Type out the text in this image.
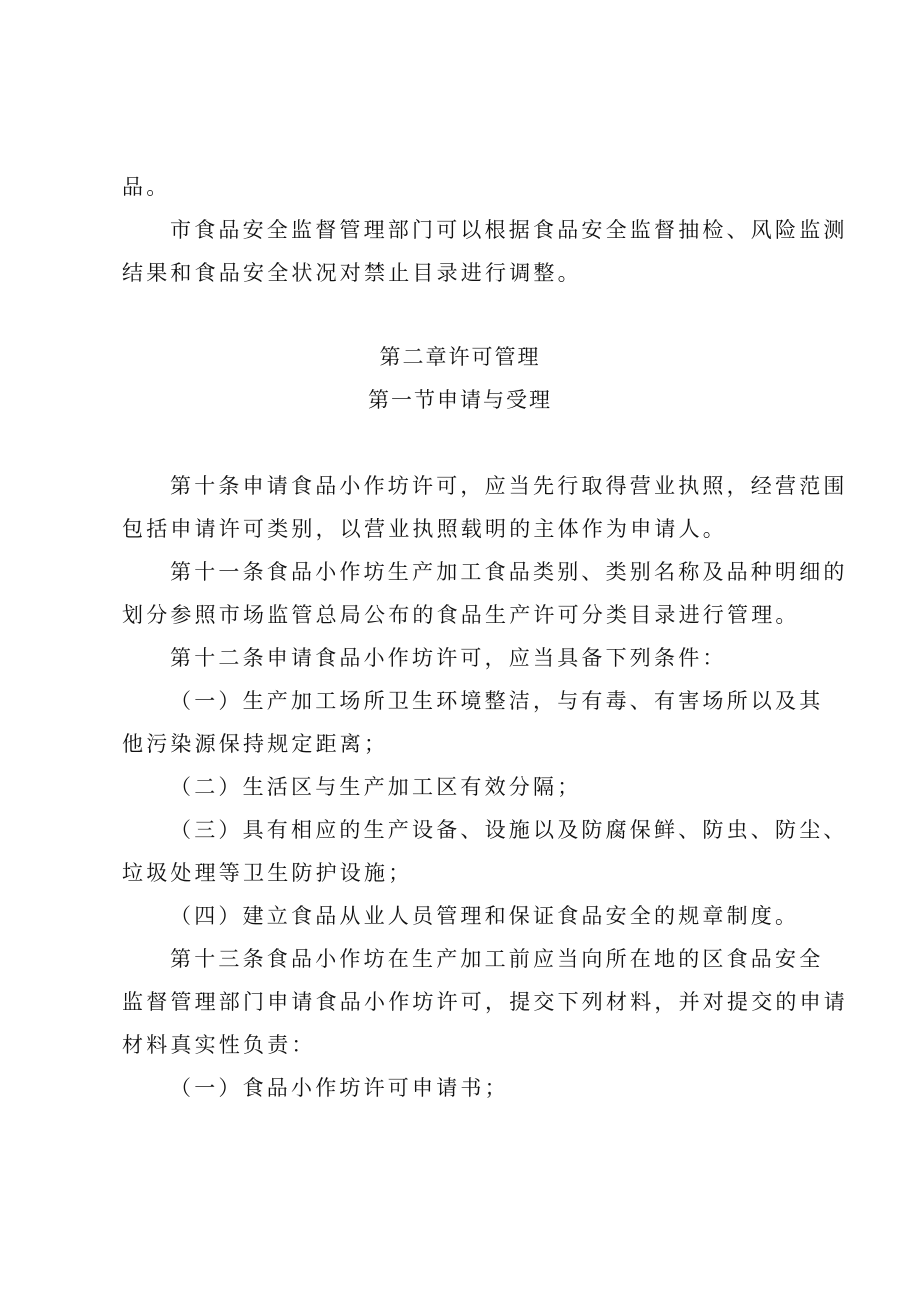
品。
市食品安全监督管理部门可以根据食品安全监督抽检、风险监测
结果和食品安全状况对禁止目录进行调整。
第二章许可管理
第一节申请与受理
第十条申请食品小作坊许可，应当先行取得营业执照，经营范围
包括申请许可类别，以营业执照载明的主体作为申请人。
第十一条食品小作坊生产加工食品类别、类别名称及品种明细的
划分参照市场监管总局公布的食品生产许可分类目录进行管理。
第十二条申请食品小作坊许可，应当具备下列条件：
（一）生产加工场所卫生环境整洁，与有毒、有害场所以及其
他污染源保持规定距离；
（二）生活区与生产加工区有效分隔；
（三）具有相应的生产设备、设施以及防腐保鲜、防虫、防尘、
垃圾处理等卫生防护设施；
（四）建立食品从业人员管理和保证食品安全的规章制度。
第十三条食品小作坊在生产加工前应当向所在地的区食品安全
监督管理部门申请食品小作坊许可，提交下列材料，并对提交的申请
材料真实性负责：
（一）食品小作坊许可申请书；
